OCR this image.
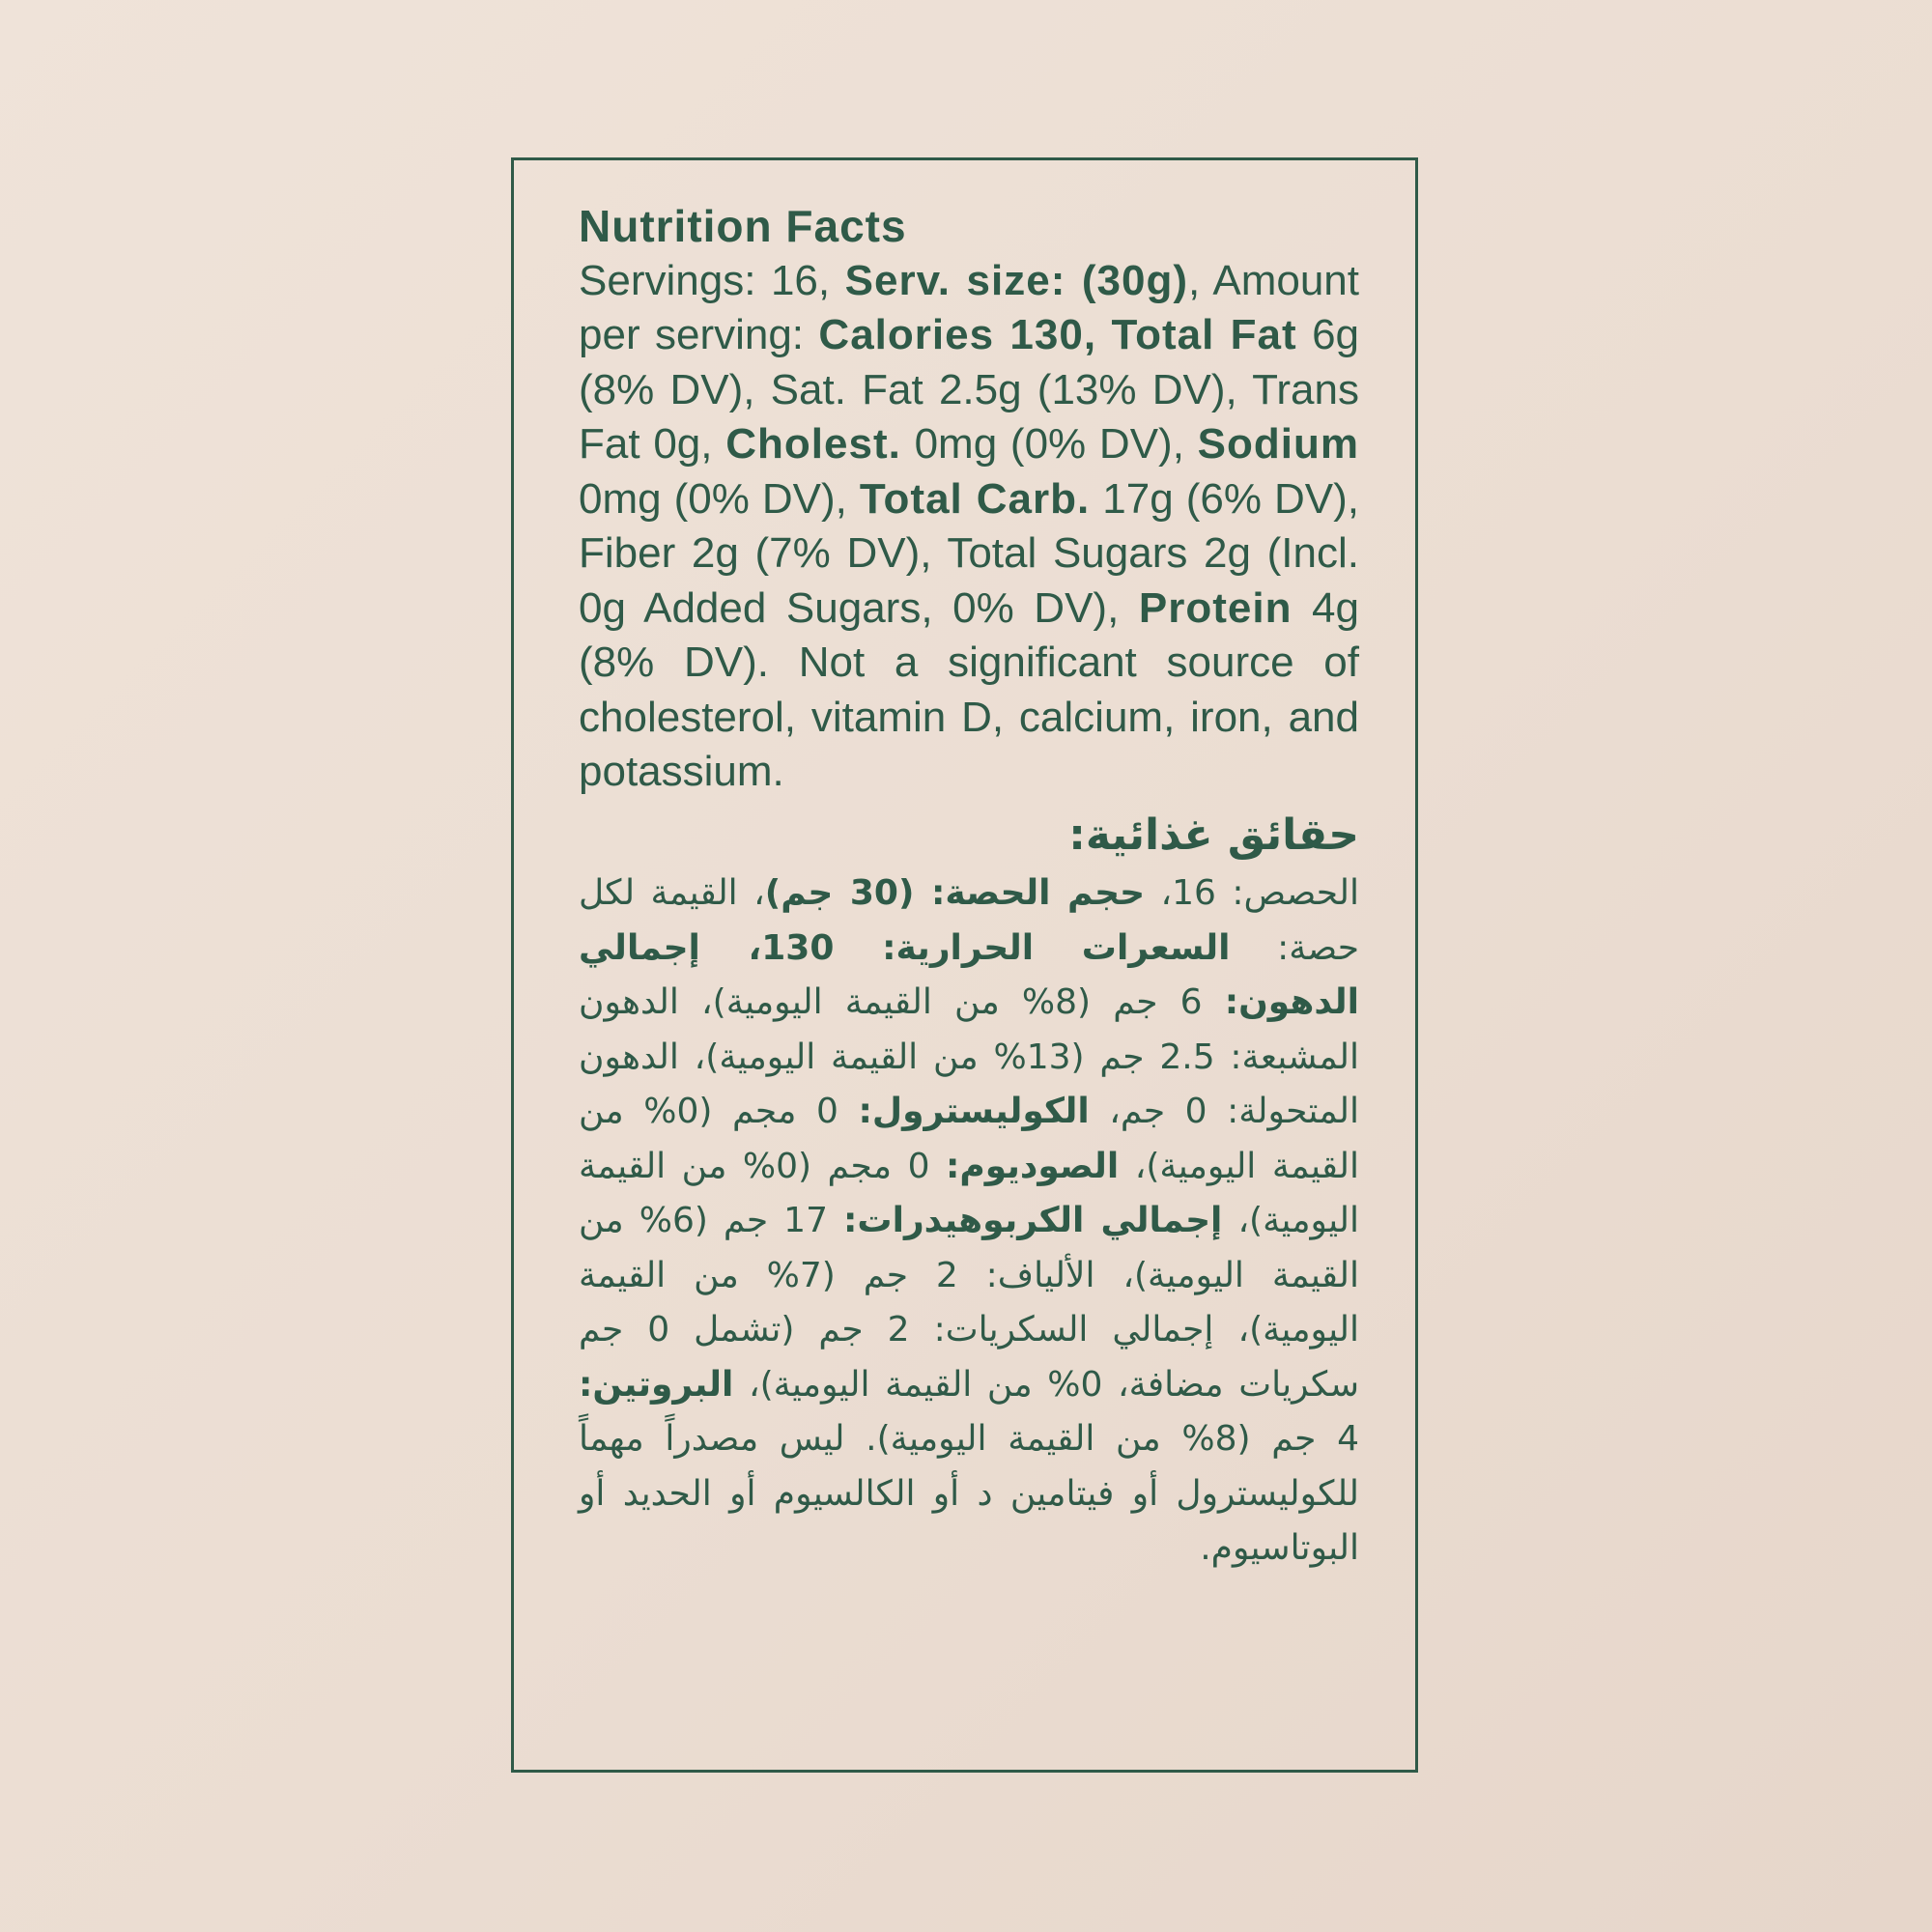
Nutrition Facts

Servings: 16, Serv. size: (30g), Amount per serving: Calories 130, Total Fat 6g (8% DV), Sat. Fat 2.5g (13% DV), Trans Fat 0g, Cholest. 0mg (0% DV), Sodium 0mg (0% DV), Total Carb. 17g (6% DV), Fiber 2g (7% DV), Total Sugars 2g (Incl. 0g Added Sugars, 0% DV), Protein 4g (8% DV). Not a significant source of cholesterol, vitamin D, calcium, iron, and potassium.

حقائق غذائية:

الحصص: 16، حجم الحصة: (30 جم)، القيمة لكل حصة: السعرات الحرارية: 130، إجمالي الدهون: 6 جم (8% من القيمة اليومية)، الدهون المشبعة: 2.5 جم (13% من القيمة اليومية)، الدهون المتحولة: 0 جم، الكوليسترول: 0 مجم (0% من القيمة اليومية)، الصوديوم: 0 مجم (0% من القيمة اليومية)، إجمالي الكربوهيدرات: 17 جم (6% من القيمة اليومية)، الألياف: 2 جم (7% من القيمة اليومية)، إجمالي السكريات: 2 جم (تشمل 0 جم سكريات مضافة، 0% من القيمة اليومية)، البروتين: 4 جم (8% من القيمة اليومية). ليس مصدراً مهماً للكوليسترول أو فيتامين د أو الكالسيوم أو الحديد أو البوتاسيوم.
